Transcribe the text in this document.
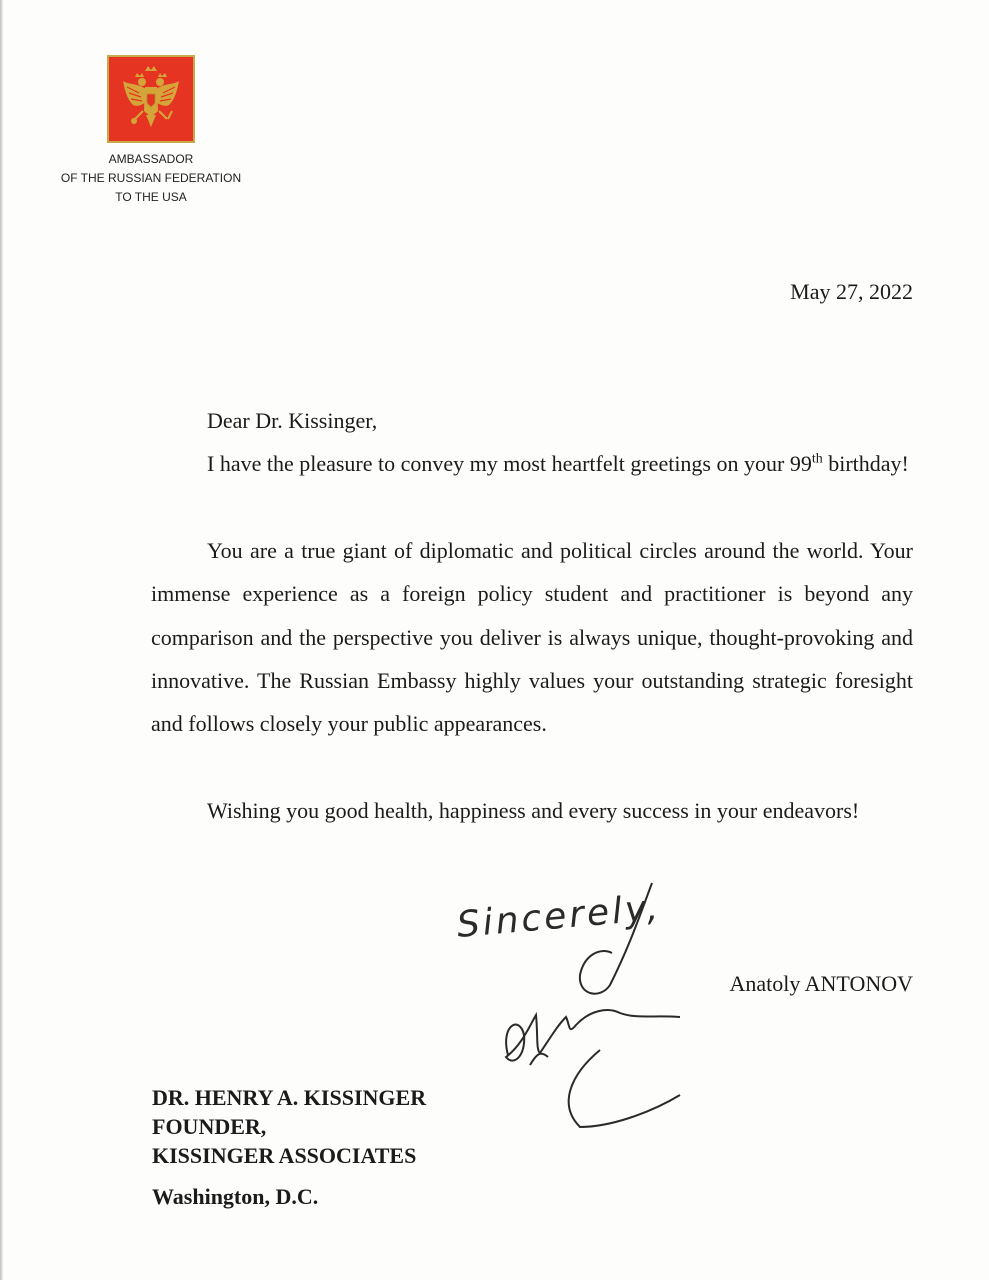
AMBASSADOR
OF THE RUSSIAN FEDERATION
TO THE USA
May 27, 2022
Dear Dr. Kissinger,

I have the pleasure to convey my most heartfelt greetings on your 99th birthday!

You are a true giant of diplomatic and political circles around the world. Your immense experience as a foreign policy student and practitioner is beyond any comparison and the perspective you deliver is always unique, thought-provoking and innovative. The Russian Embassy highly values your outstanding strategic foresight and follows closely your public appearances.

Wishing you good health, happiness and every success in your endeavors!

Sincerely,
Anatoly ANTONOV
DR. HENRY A. KISSINGER
FOUNDER,
KISSINGER ASSOCIATES
Washington, D.C.
